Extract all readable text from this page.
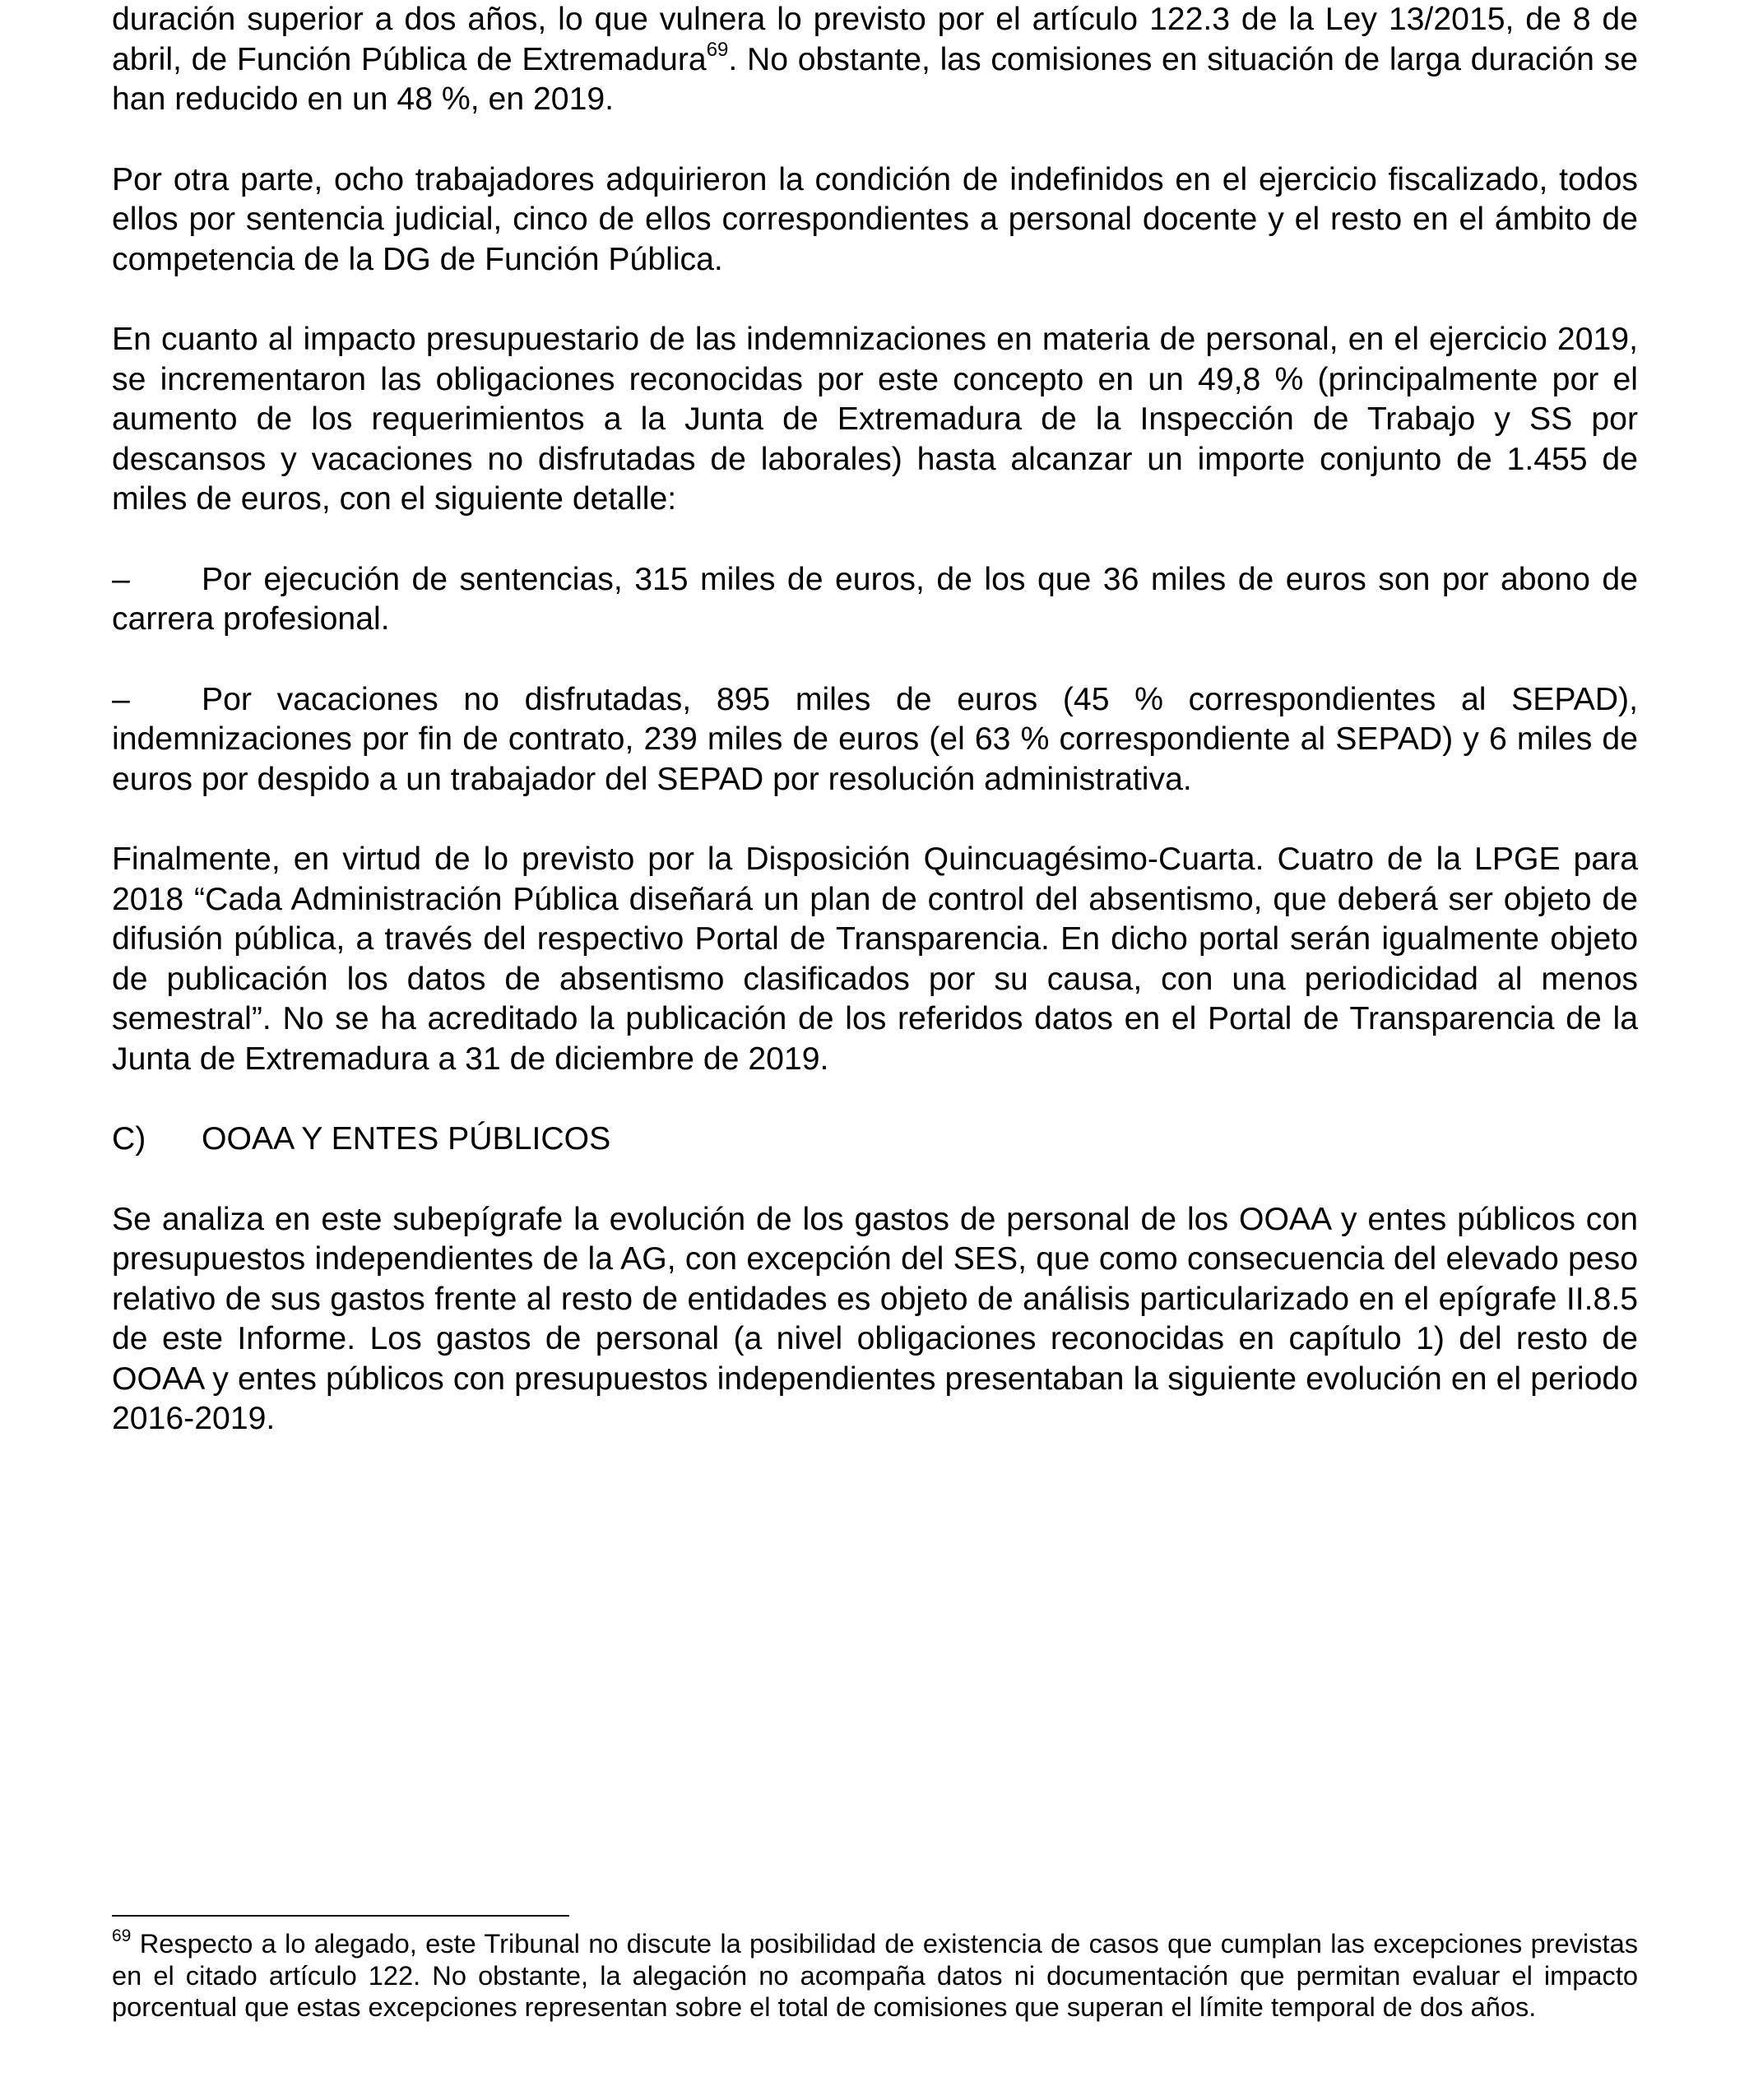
duración superior a dos años, lo que vulnera lo previsto por el artículo 122.3 de la Ley 13/2015, de 8 de abril, de Función Pública de Extremadura$^{69}$. No obstante, las comisiones en situación de larga duración se han reducido en un 48 %, en 2019.

Por otra parte, ocho trabajadores adquirieron la condición de indefinidos en el ejercicio fiscalizado, todos ellos por sentencia judicial, cinco de ellos correspondientes a personal docente y el resto en el ámbito de competencia de la DG de Función Pública.

En cuanto al impacto presupuestario de las indemnizaciones en materia de personal, en el ejercicio 2019, se incrementaron las obligaciones reconocidas por este concepto en un 49,8 % (principalmente por el aumento de los requerimientos a la Junta de Extremadura de la Inspección de Trabajo y SS por descansos y vacaciones no disfrutadas de laborales) hasta alcanzar un importe conjunto de 1.455 de miles de euros, con el siguiente detalle:

– Por ejecución de sentencias, 315 miles de euros, de los que 36 miles de euros son por abono de carrera profesional.

– Por vacaciones no disfrutadas, 895 miles de euros (45 % correspondientes al SEPAD), indemnizaciones por fin de contrato, 239 miles de euros (el 63 % correspondiente al SEPAD) y 6 miles de euros por despido a un trabajador del SEPAD por resolución administrativa.

Finalmente, en virtud de lo previsto por la Disposición Quincuagésimo-Cuarta. Cuatro de la LPGE para 2018 “Cada Administración Pública diseñará un plan de control del absentismo, que deberá ser objeto de difusión pública, a través del respectivo Portal de Transparencia. En dicho portal serán igualmente objeto de publicación los datos de absentismo clasificados por su causa, con una periodicidad al menos semestral”. No se ha acreditado la publicación de los referidos datos en el Portal de Transparencia de la Junta de Extremadura a 31 de diciembre de 2019.

C)	OOAA Y ENTES PÚBLICOS

Se analiza en este subepígrafe la evolución de los gastos de personal de los OOAA y entes públicos con presupuestos independientes de la AG, con excepción del SES, que como consecuencia del elevado peso relativo de sus gastos frente al resto de entidades es objeto de análisis particularizado en el epígrafe II.8.5 de este Informe. Los gastos de personal (a nivel obligaciones reconocidas en capítulo 1) del resto de OOAA y entes públicos con presupuestos independientes presentaban la siguiente evolución en el periodo 2016-2019.

$^{69}$ Respecto a lo alegado, este Tribunal no discute la posibilidad de existencia de casos que cumplan las excepciones previstas en el citado artículo 122. No obstante, la alegación no acompaña datos ni documentación que permitan evaluar el impacto porcentual que estas excepciones representan sobre el total de comisiones que superan el límite temporal de dos años.
